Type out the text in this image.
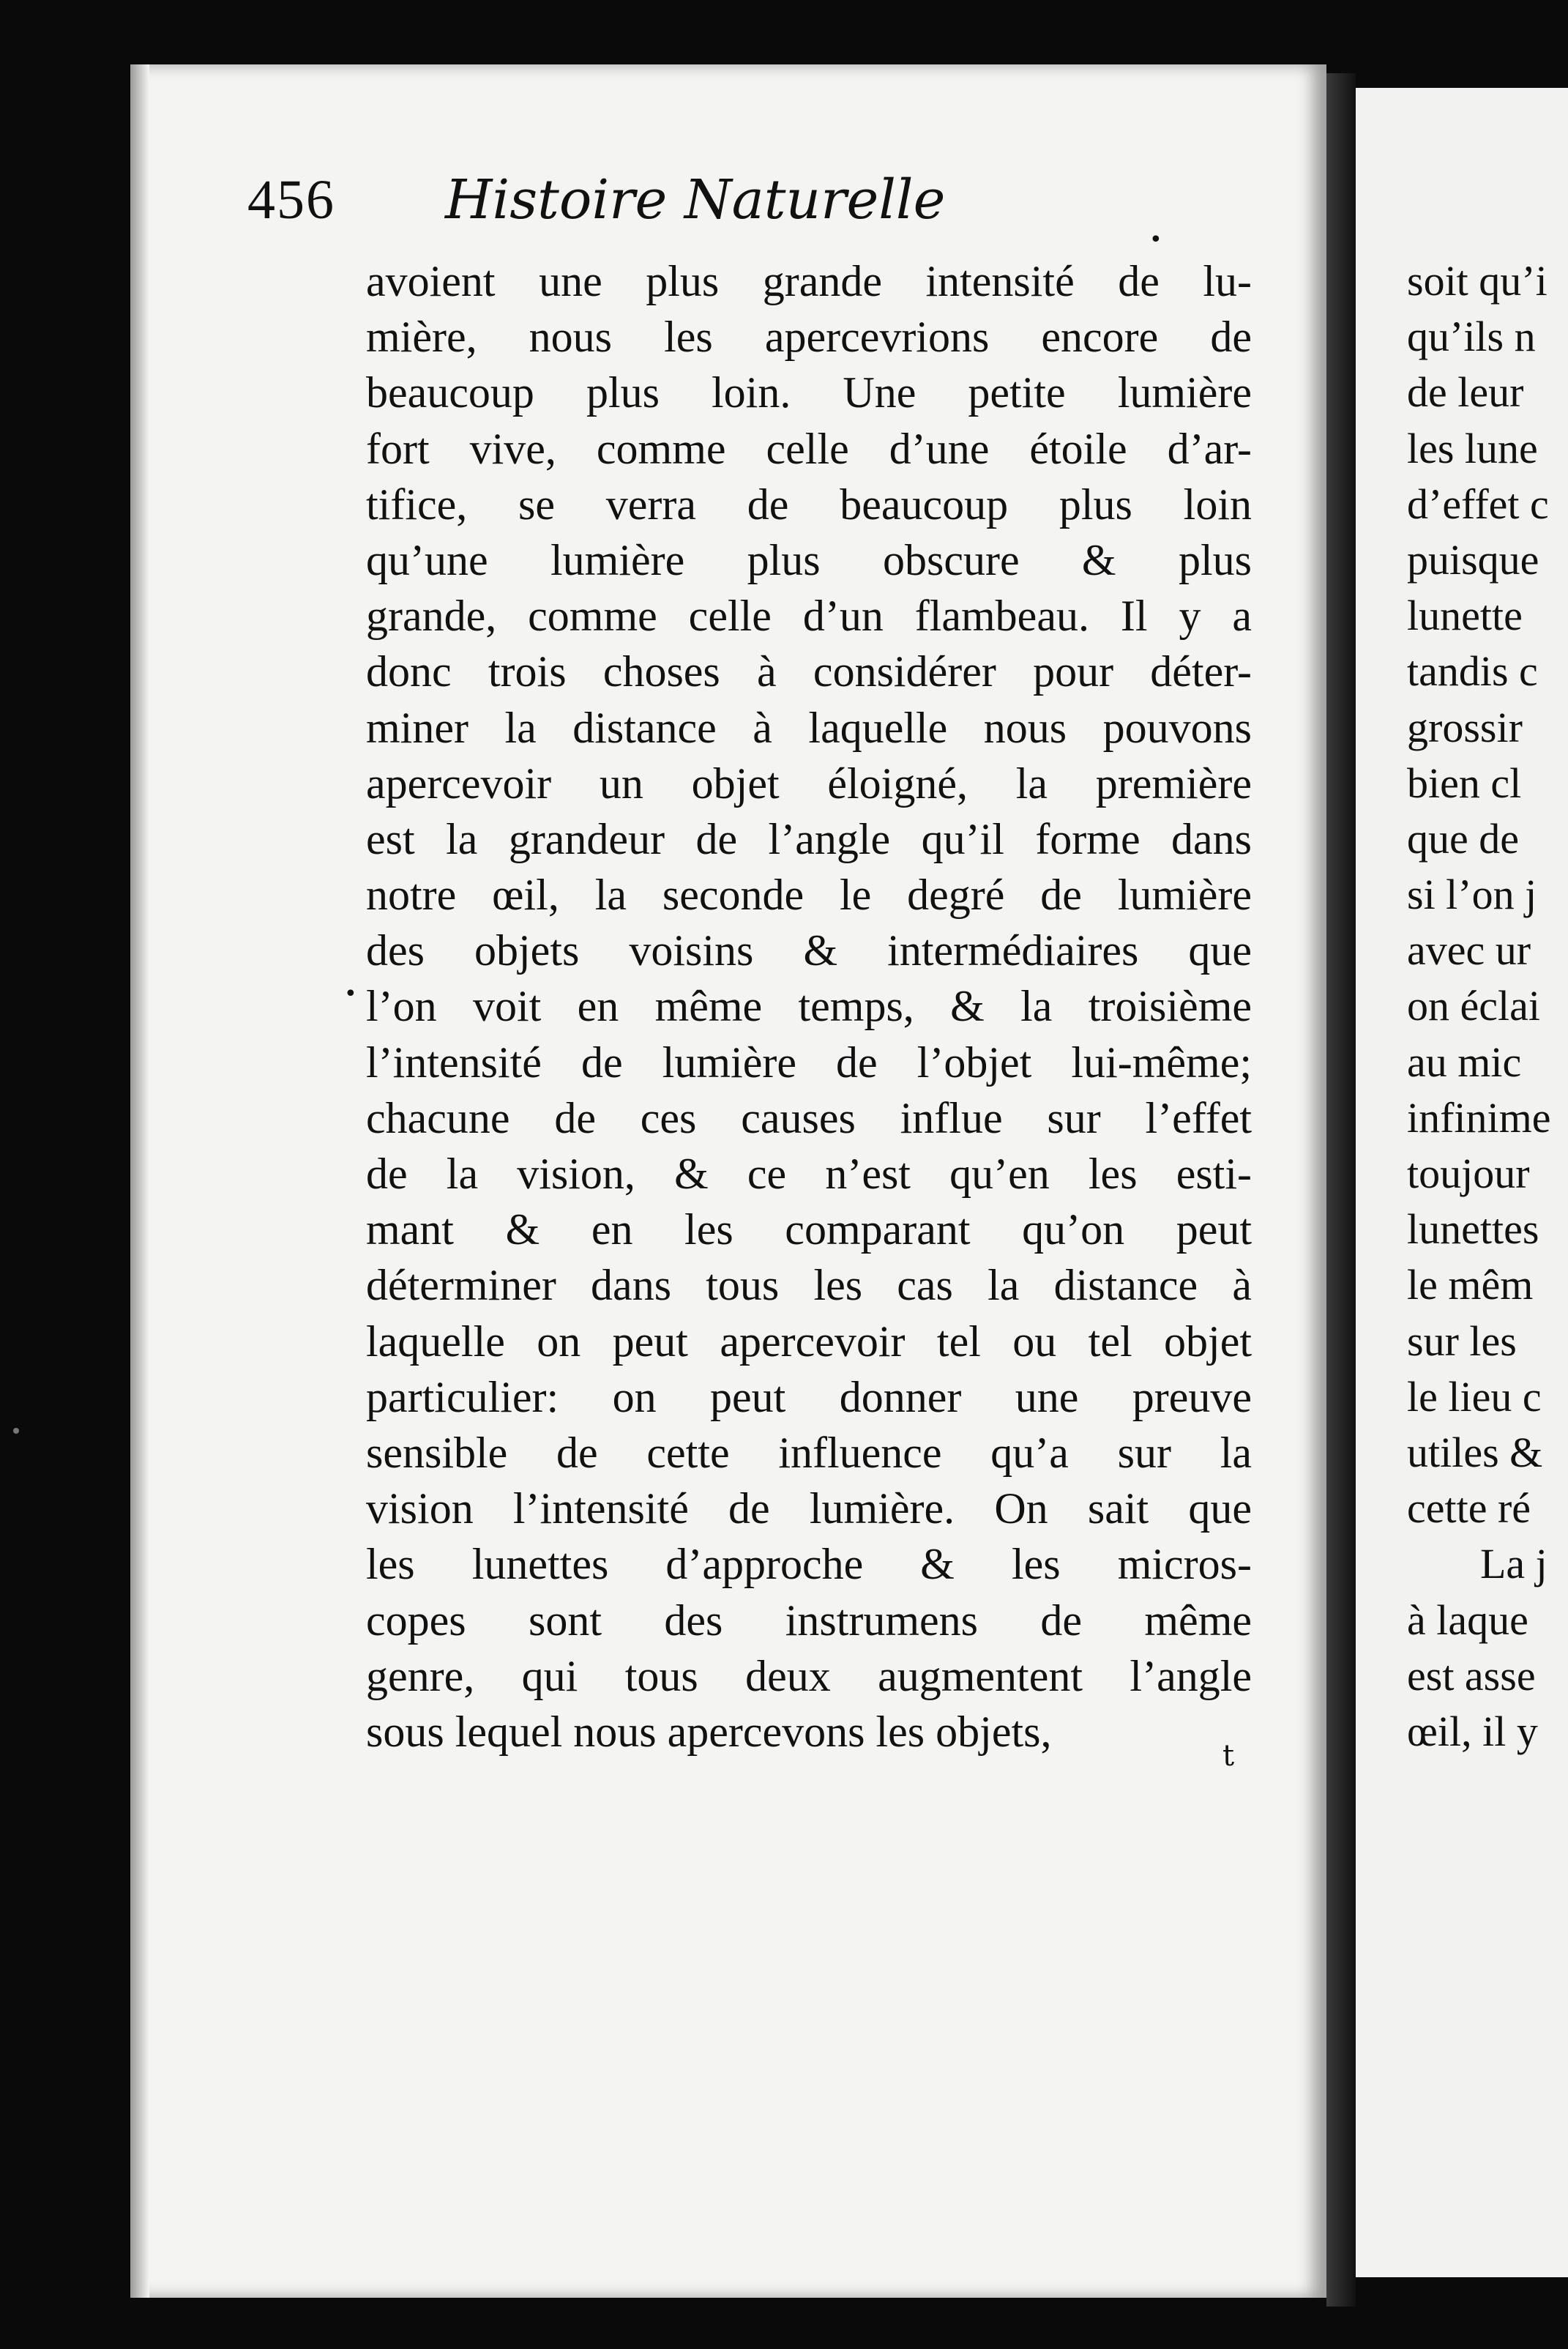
456 Histoire Naturelle
avoient une plus grande intensité de lu-
mière, nous les apercevrions encore de
beaucoup plus loin. Une petite lumière
fort vive, comme celle d’une étoile d’ar-
tifice, se verra de beaucoup plus loin
qu’une lumière plus obscure & plus
grande, comme celle d’un flambeau. Il y a
donc trois choses à considérer pour déter-
miner la distance à laquelle nous pouvons
apercevoir un objet éloigné, la première
est la grandeur de l’angle qu’il forme dans
notre œil, la seconde le degré de lumière
des objets voisins & intermédiaires que
l’on voit en même temps, & la troisième
l’intensité de lumière de l’objet lui-même;
chacune de ces causes influe sur l’effet
de la vision, & ce n’est qu’en les esti-
mant & en les comparant qu’on peut
déterminer dans tous les cas la distance à
laquelle on peut apercevoir tel ou tel objet
particulier: on peut donner une preuve
sensible de cette influence qu’a sur la
vision l’intensité de lumière. On sait que
les lunettes d’approche & les micros-
copes sont des instrumens de même
genre, qui tous deux augmentent l’angle
sous lequel nous apercevons les objets,
soit qu’i
qu’ils n
de leur
les lune
d’effet c
puisque
lunette
tandis c
grossir
bien cl
que de
si l’on j
avec ur
on éclai
au mic
infinime
toujour
lunettes
le mêm
sur les
le lieu c
utiles &
cette ré
La j
à laque
est asse
œil, il y
t
•
•
